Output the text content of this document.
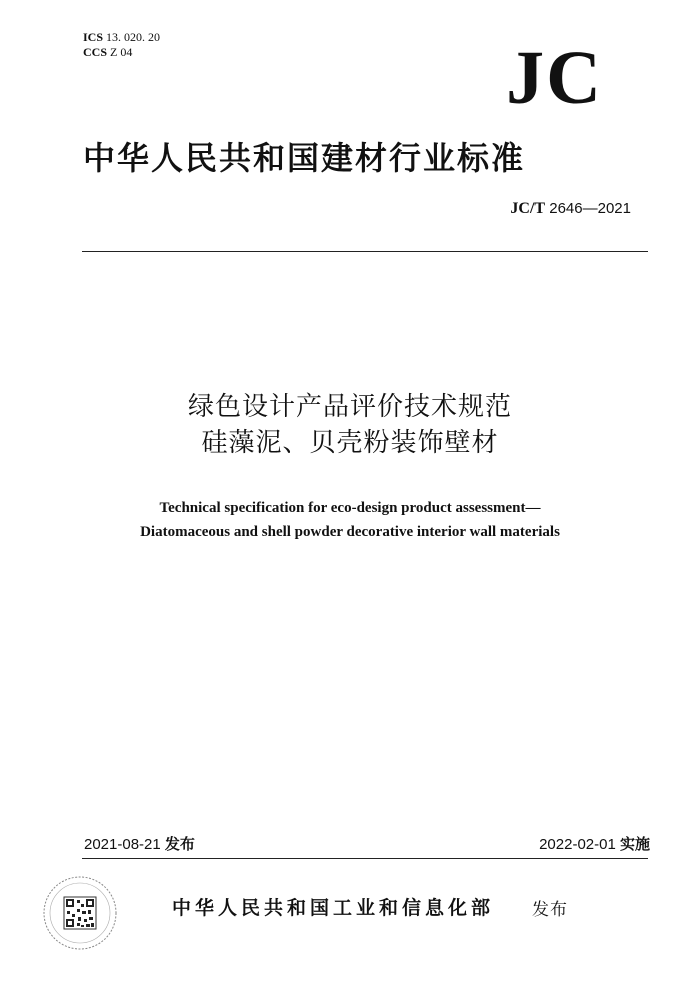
ICS 13. 020. 20
CCS Z 04	JC
中华人民共和国建材行业标准
JC/T 2646—2021
绿色设计产品评价技术规范
硅藻泥、贝壳粉装饰壁材
Technical specification for eco-design product assessment—
Diatomaceous and shell powder decorative interior wall materials
2021-08-21 发布	2022-02-01 实施
中华人民共和国工业和信息化部 发布
